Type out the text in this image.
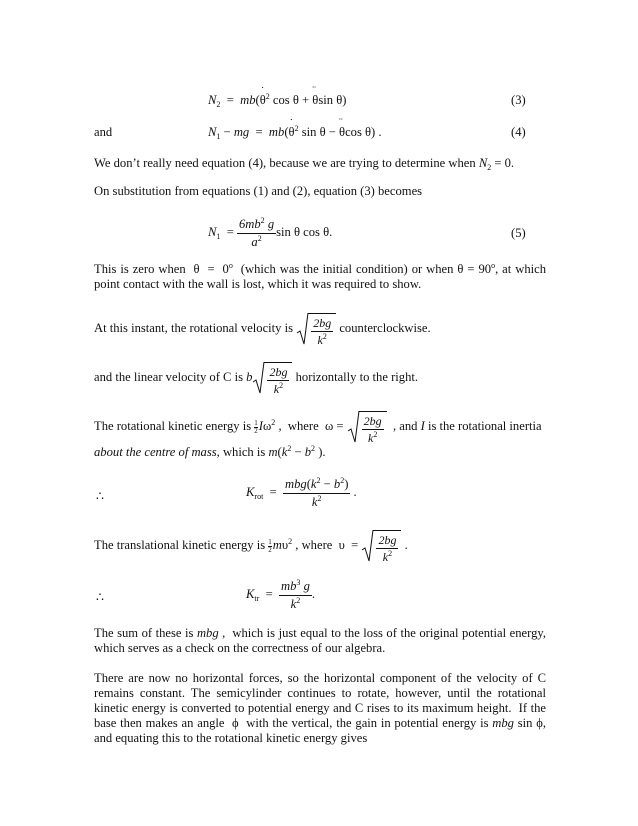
$N_2 = mb(\theta$ ˙$^2$ cos θ + θ ¨sin θ)	(3)
and	$N_1$ − mg  =  mb(θ ˙$^2$ sin θ − θ ¨cos θ) .	(4)
We don’t really need equation (4), because we are trying to determine when $N_2 = 0$.
On substitution from equations (1) and (2), equation (3) becomes
$N_1 = \frac{6mb^2 g}{a^2}$ sin θ cos θ.	(5)
This is zero when  θ  =  0$^o$  (which was the initial condition) or when $\theta = 90^o$, at which point contact with the wall is lost, which it was required to show.
At this instant, the rotational velocity is $\frac{2bg}{k^2}$ counterclockwise.
and the linear velocity of C is b $\frac{2bg}{k^2}$ horizontally to the right.
The rotational kinetic energy is $\frac{1}{2} I\omega^2$ ,  where  $\omega = \frac{2bg}{k^2}$ , and I is the rotational inertia
about the centre of mass, which is $m(k^2 - b^2$ ).
∴	$K_{rot} = \frac{mbg(k^2 - b^2)}{k^2}$ .
The translational kinetic energy is $\frac{1}{2} m\upsilon^2$ , where  $\upsilon = \frac{2bg}{k^2}$ .
∴	$K_{tr} = \frac{mb^3 g}{k^2}$ .
The sum of these is mbg ,  which is just equal to the loss of the original potential energy, which serves as a check on the correctness of our algebra.
There are now no horizontal forces, so the horizontal component of the velocity of C remains constant. The semicylinder continues to rotate, however, until the rotational kinetic energy is converted to potential energy and C rises to its maximum height.  If the base then makes an angle  ϕ  with the vertical, the gain in potential energy is mbg sin ϕ, and equating this to the rotational kinetic energy gives
